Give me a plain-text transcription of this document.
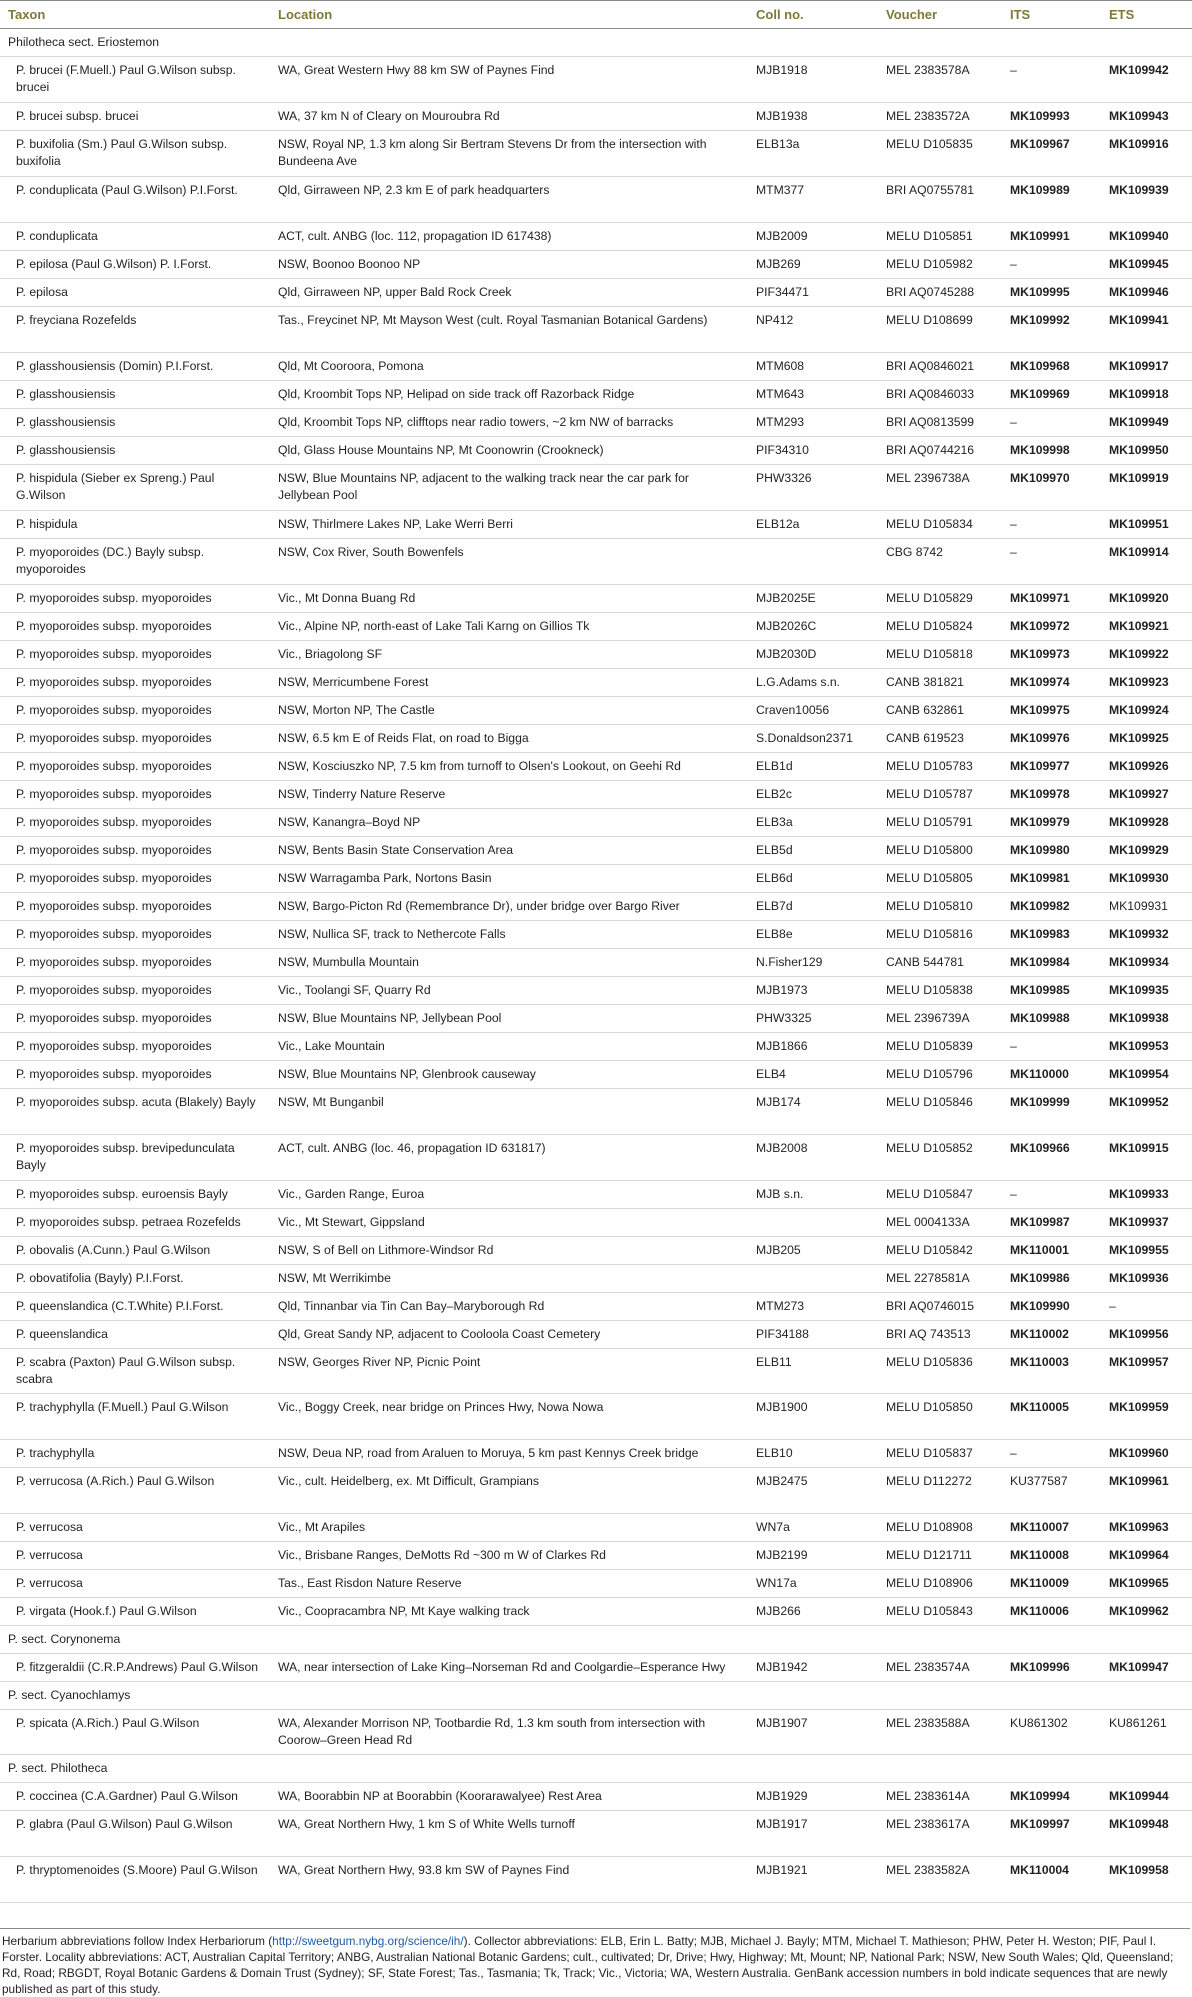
Taxon	Location	Coll no.	Voucher	ITS	ETS
Philotheca sect. Eriostemon					
P. brucei (F.Muell.) Paul G.Wilson subsp. brucei	WA, Great Western Hwy 88 km SW of Paynes Find	MJB1918	MEL 2383578A	–	MK109942
P. brucei subsp. brucei	WA, 37 km N of Cleary on Mouroubra Rd	MJB1938	MEL 2383572A	MK109993	MK109943
P. buxifolia (Sm.) Paul G.Wilson subsp. buxifolia	NSW, Royal NP, 1.3 km along Sir Bertram Stevens Dr from the intersection with Bundeena Ave	ELB13a	MELU D105835	MK109967	MK109916
P. conduplicata (Paul G.Wilson) P.I.Forst.	Qld, Girraween NP, 2.3 km E of park headquarters	MTM377	BRI AQ0755781	MK109989	MK109939
P. conduplicata	ACT, cult. ANBG (loc. 112, propagation ID 617438)	MJB2009	MELU D105851	MK109991	MK109940
P. epilosa (Paul G.Wilson) P. I.Forst.	NSW, Boonoo Boonoo NP	MJB269	MELU D105982	–	MK109945
P. epilosa	Qld, Girraween NP, upper Bald Rock Creek	PIF34471	BRI AQ0745288	MK109995	MK109946
P. freyciana Rozefelds	Tas., Freycinet NP, Mt Mayson West (cult. Royal Tasmanian Botanical Gardens)	NP412	MELU D108699	MK109992	MK109941
P. glasshousiensis (Domin) P.I.Forst.	Qld, Mt Cooroora, Pomona	MTM608	BRI AQ0846021	MK109968	MK109917
P. glasshousiensis	Qld, Kroombit Tops NP, Helipad on side track off Razorback Ridge	MTM643	BRI AQ0846033	MK109969	MK109918
P. glasshousiensis	Qld, Kroombit Tops NP, clifftops near radio towers, ~2 km NW of barracks	MTM293	BRI AQ0813599	–	MK109949
P. glasshousiensis	Qld, Glass House Mountains NP, Mt Coonowrin (Crookneck)	PIF34310	BRI AQ0744216	MK109998	MK109950
P. hispidula (Sieber ex Spreng.) Paul G.Wilson	NSW, Blue Mountains NP, adjacent to the walking track near the car park for Jellybean Pool	PHW3326	MEL 2396738A	MK109970	MK109919
P. hispidula	NSW, Thirlmere Lakes NP, Lake Werri Berri	ELB12a	MELU D105834	–	MK109951
P. myoporoides (DC.) Bayly subsp. myoporoides	NSW, Cox River, South Bowenfels		CBG 8742	–	MK109914
P. myoporoides subsp. myoporoides	Vic., Mt Donna Buang Rd	MJB2025E	MELU D105829	MK109971	MK109920
P. myoporoides subsp. myoporoides	Vic., Alpine NP, north-east of Lake Tali Karng on Gillios Tk	MJB2026C	MELU D105824	MK109972	MK109921
P. myoporoides subsp. myoporoides	Vic., Briagolong SF	MJB2030D	MELU D105818	MK109973	MK109922
P. myoporoides subsp. myoporoides	NSW, Merricumbene Forest	L.G.Adams s.n.	CANB 381821	MK109974	MK109923
P. myoporoides subsp. myoporoides	NSW, Morton NP, The Castle	Craven10056	CANB 632861	MK109975	MK109924
P. myoporoides subsp. myoporoides	NSW, 6.5 km E of Reids Flat, on road to Bigga	S.Donaldson2371	CANB 619523	MK109976	MK109925
P. myoporoides subsp. myoporoides	NSW, Kosciuszko NP, 7.5 km from turnoff to Olsen's Lookout, on Geehi Rd	ELB1d	MELU D105783	MK109977	MK109926
P. myoporoides subsp. myoporoides	NSW, Tinderry Nature Reserve	ELB2c	MELU D105787	MK109978	MK109927
P. myoporoides subsp. myoporoides	NSW, Kanangra–Boyd NP	ELB3a	MELU D105791	MK109979	MK109928
P. myoporoides subsp. myoporoides	NSW, Bents Basin State Conservation Area	ELB5d	MELU D105800	MK109980	MK109929
P. myoporoides subsp. myoporoides	NSW Warragamba Park, Nortons Basin	ELB6d	MELU D105805	MK109981	MK109930
P. myoporoides subsp. myoporoides	NSW, Bargo-Picton Rd (Remembrance Dr), under bridge over Bargo River	ELB7d	MELU D105810	MK109982	MK109931
P. myoporoides subsp. myoporoides	NSW, Nullica SF, track to Nethercote Falls	ELB8e	MELU D105816	MK109983	MK109932
P. myoporoides subsp. myoporoides	NSW, Mumbulla Mountain	N.Fisher129	CANB 544781	MK109984	MK109934
P. myoporoides subsp. myoporoides	Vic., Toolangi SF, Quarry Rd	MJB1973	MELU D105838	MK109985	MK109935
P. myoporoides subsp. myoporoides	NSW, Blue Mountains NP, Jellybean Pool	PHW3325	MEL 2396739A	MK109988	MK109938
P. myoporoides subsp. myoporoides	Vic., Lake Mountain	MJB1866	MELU D105839	–	MK109953
P. myoporoides subsp. myoporoides	NSW, Blue Mountains NP, Glenbrook causeway	ELB4	MELU D105796	MK110000	MK109954
P. myoporoides subsp. acuta (Blakely) Bayly	NSW, Mt Bunganbil	MJB174	MELU D105846	MK109999	MK109952
P. myoporoides subsp. brevipedunculata Bayly	ACT, cult. ANBG (loc. 46, propagation ID 631817)	MJB2008	MELU D105852	MK109966	MK109915
P. myoporoides subsp. euroensis Bayly	Vic., Garden Range, Euroa	MJB s.n.	MELU D105847	–	MK109933
P. myoporoides subsp. petraea Rozefelds	Vic., Mt Stewart, Gippsland		MEL 0004133A	MK109987	MK109937
P. obovalis (A.Cunn.) Paul G.Wilson	NSW, S of Bell on Lithmore-Windsor Rd	MJB205	MELU D105842	MK110001	MK109955
P. obovatifolia (Bayly) P.I.Forst.	NSW, Mt Werrikimbe		MEL 2278581A	MK109986	MK109936
P. queenslandica (C.T.White) P.I.Forst.	Qld, Tinnanbar via Tin Can Bay–Maryborough Rd	MTM273	BRI AQ0746015	MK109990	–
P. queenslandica	Qld, Great Sandy NP, adjacent to Cooloola Coast Cemetery	PIF34188	BRI AQ 743513	MK110002	MK109956
P. scabra (Paxton) Paul G.Wilson subsp. scabra	NSW, Georges River NP, Picnic Point	ELB11	MELU D105836	MK110003	MK109957
P. trachyphylla (F.Muell.) Paul G.Wilson	Vic., Boggy Creek, near bridge on Princes Hwy, Nowa Nowa	MJB1900	MELU D105850	MK110005	MK109959
P. trachyphylla	NSW, Deua NP, road from Araluen to Moruya, 5 km past Kennys Creek bridge	ELB10	MELU D105837	–	MK109960
P. verrucosa (A.Rich.) Paul G.Wilson	Vic., cult. Heidelberg, ex. Mt Difficult, Grampians	MJB2475	MELU D112272	KU377587	MK109961
P. verrucosa	Vic., Mt Arapiles	WN7a	MELU D108908	MK110007	MK109963
P. verrucosa	Vic., Brisbane Ranges, DeMotts Rd ~300 m W of Clarkes Rd	MJB2199	MELU D121711	MK110008	MK109964
P. verrucosa	Tas., East Risdon Nature Reserve	WN17a	MELU D108906	MK110009	MK109965
P. virgata (Hook.f.) Paul G.Wilson	Vic., Coopracambra NP, Mt Kaye walking track	MJB266	MELU D105843	MK110006	MK109962
P. sect. Corynonema					
P. fitzgeraldii (C.R.P.Andrews) Paul G.Wilson	WA, near intersection of Lake King–Norseman Rd and Coolgardie–Esperance Hwy	MJB1942	MEL 2383574A	MK109996	MK109947
P. sect. Cyanochlamys					
P. spicata (A.Rich.) Paul G.Wilson	WA, Alexander Morrison NP, Tootbardie Rd, 1.3 km south from intersection with Coorow–Green Head Rd	MJB1907	MEL 2383588A	KU861302	KU861261
P. sect. Philotheca					
P. coccinea (C.A.Gardner) Paul G.Wilson	WA, Boorabbin NP at Boorabbin (Koorarawalyee) Rest Area	MJB1929	MEL 2383614A	MK109994	MK109944
P. glabra (Paul G.Wilson) Paul G.Wilson	WA, Great Northern Hwy, 1 km S of White Wells turnoff	MJB1917	MEL 2383617A	MK109997	MK109948
P. thryptomenoides (S.Moore) Paul G.Wilson	WA, Great Northern Hwy, 93.8 km SW of Paynes Find	MJB1921	MEL 2383582A	MK110004	MK109958
Herbarium abbreviations follow Index Herbariorum (http://sweetgum.nybg.org/science/ih/). Collector abbreviations: ELB, Erin L. Batty; MJB, Michael J. Bayly; MTM, Michael T. Mathieson; PHW, Peter H. Weston; PIF, Paul I. Forster. Locality abbreviations: ACT, Australian Capital Territory; ANBG, Australian National Botanic Gardens; cult., cultivated; Dr, Drive; Hwy, Highway; Mt, Mount; NP, National Park; NSW, New South Wales; Qld, Queensland; Rd, Road; RBGDT, Royal Botanic Gardens & Domain Trust (Sydney); SF, State Forest; Tas., Tasmania; Tk, Track; Vic., Victoria; WA, Western Australia. GenBank accession numbers in bold indicate sequences that are newly published as part of this study.
